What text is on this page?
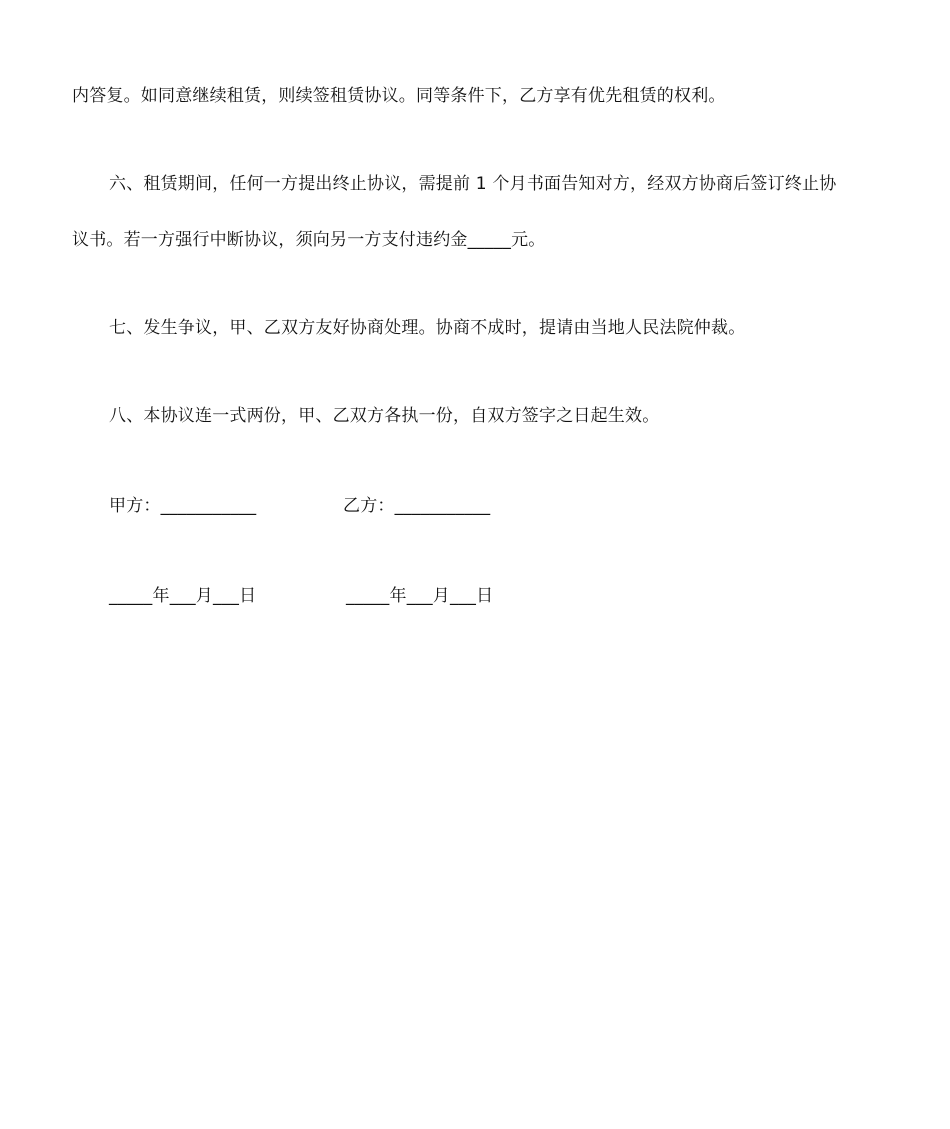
内答复。如同意继续租赁，则续签租赁协议。同等条件下，乙方享有优先租赁的权利。
六、租赁期间，任何一方提出终止协议，需提前 1 个月书面告知对方，经双方协商后签订终止协
议书。若一方强行中断协议，须向另一方支付违约金_____元。
七、发生争议，甲、乙双方友好协商处理。协商不成时，提请由当地人民法院仲裁。
八、本协议连一式两份，甲、乙双方各执一份，自双方签字之日起生效。
甲方：___________	乙方：___________
_____年___月___日	_____年___月___日
